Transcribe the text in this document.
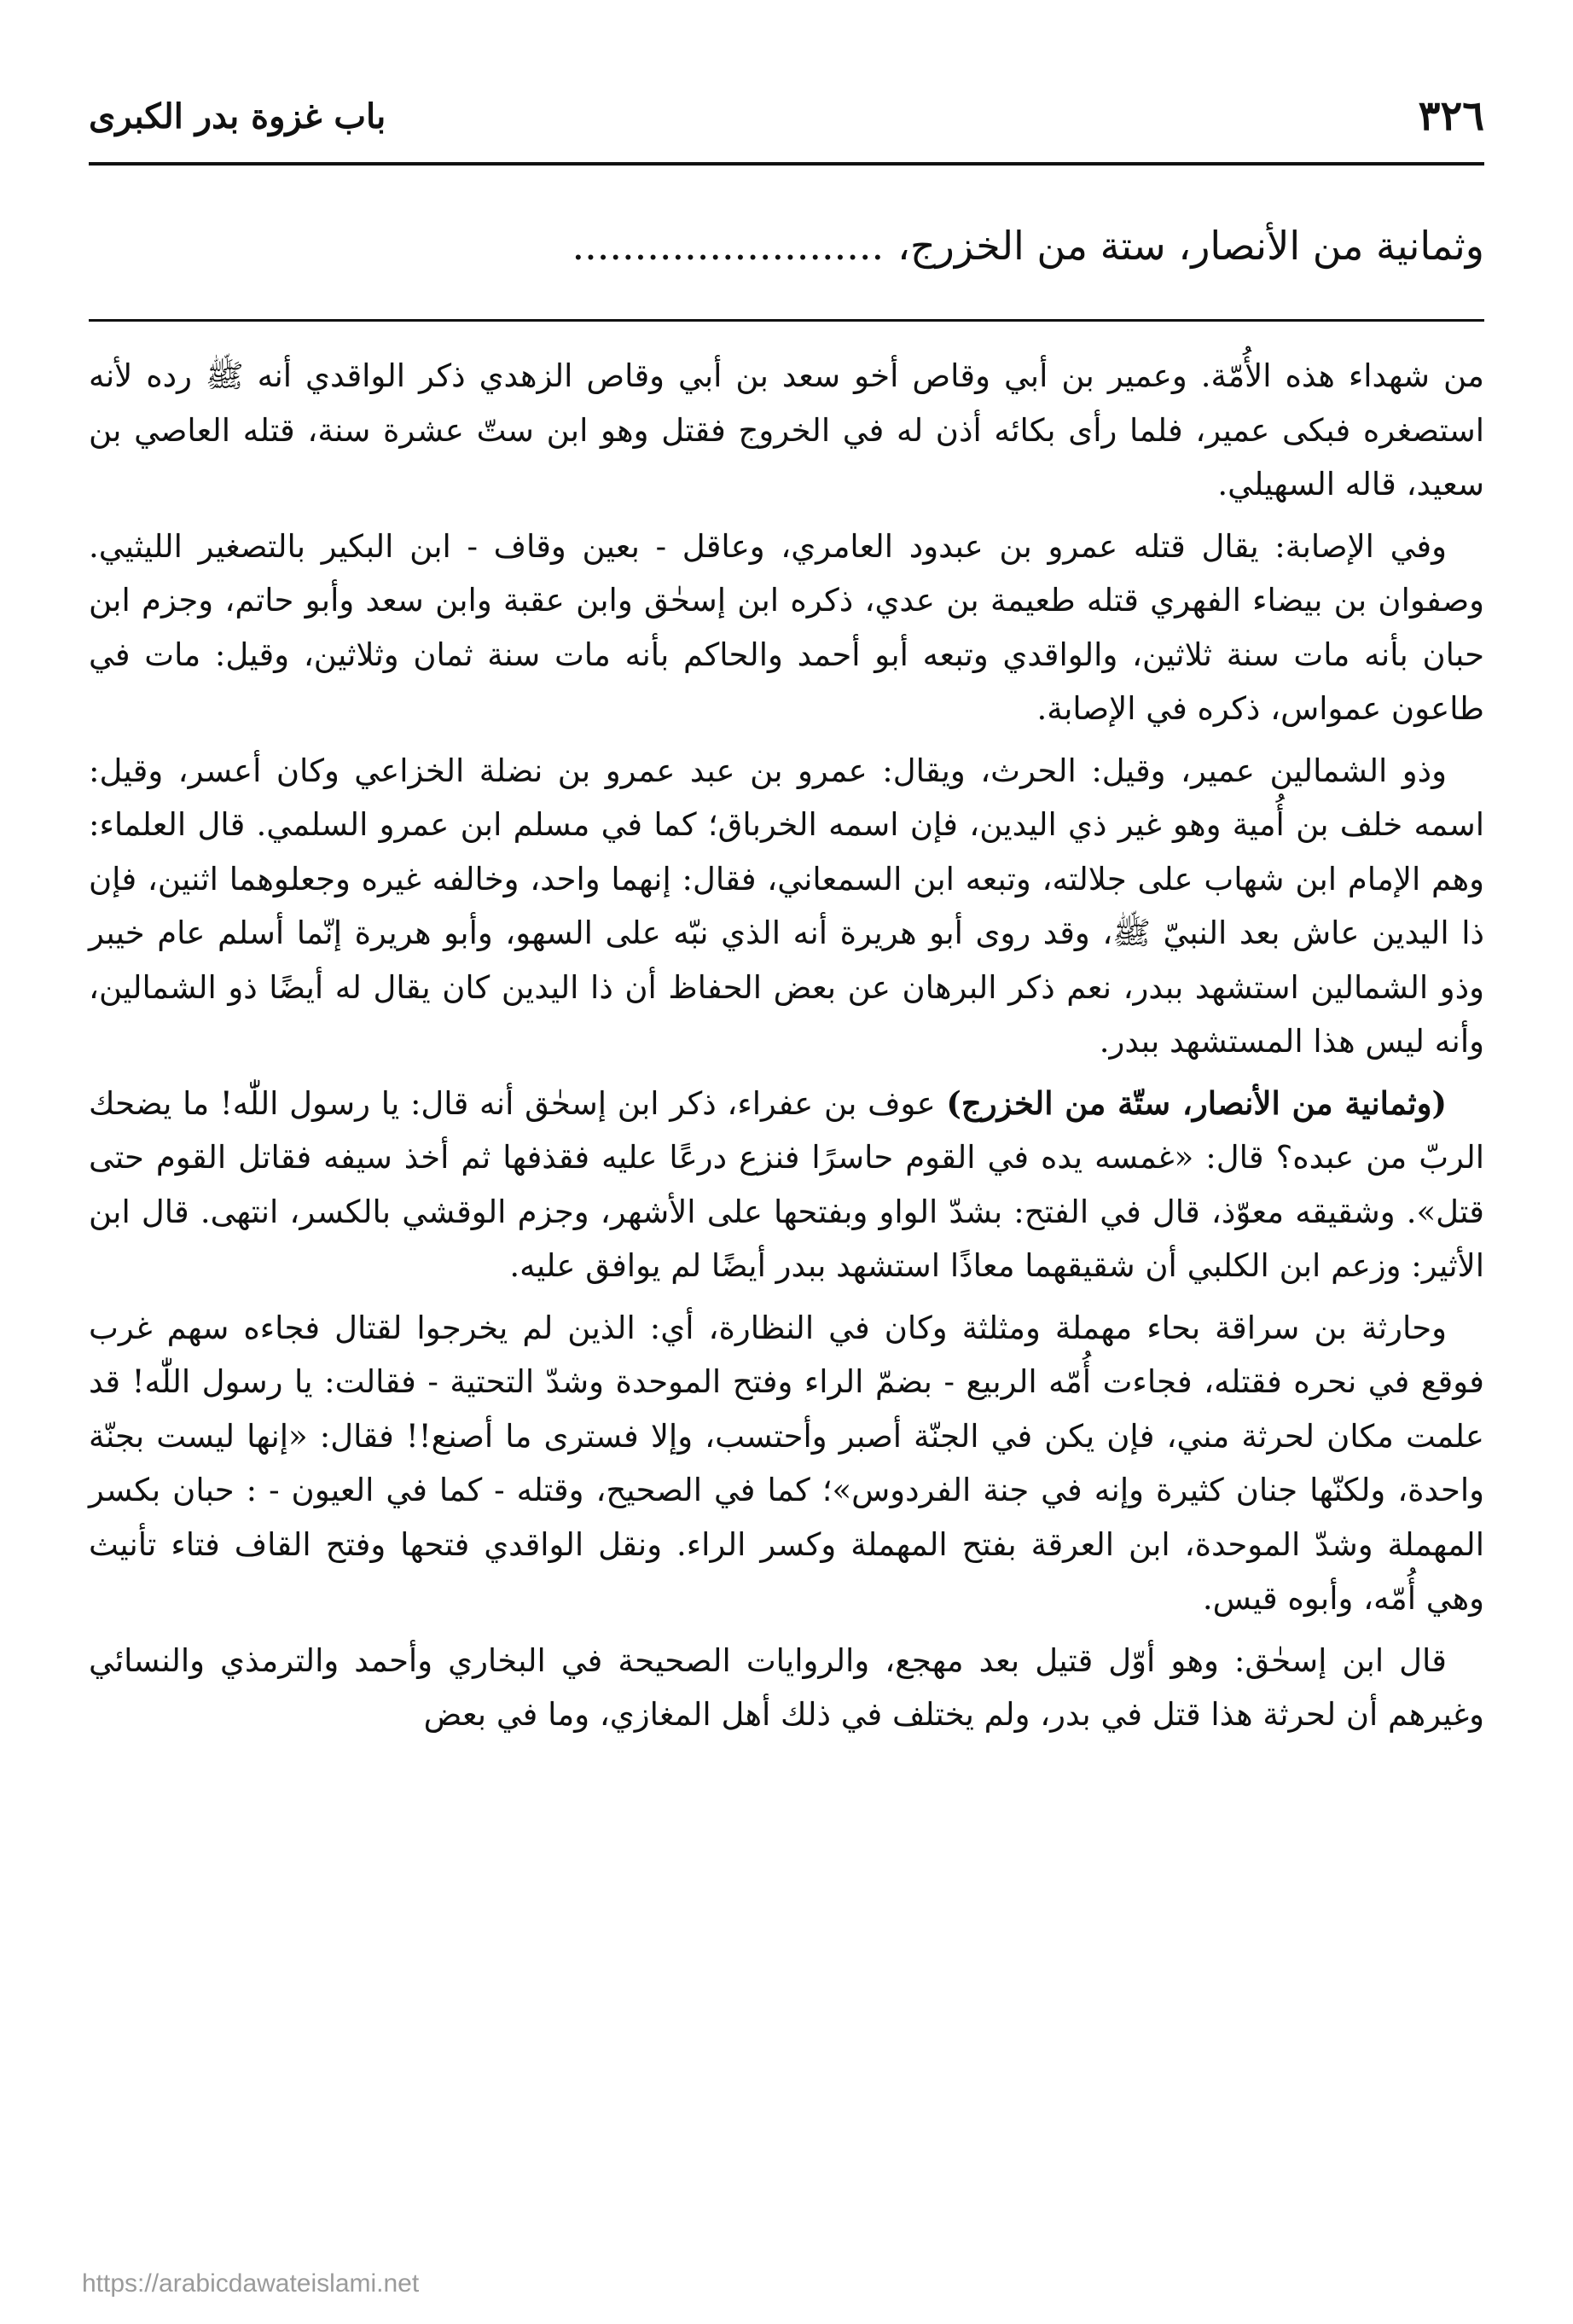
٣٢٦
باب غزوة بدر الكبرى
وثمانية من الأنصار، ستة من الخزرج،.........................

من شهداء هذه الأُمّة. وعمير بن أبي وقاص أخو سعد بن أبي وقاص الزهدي ذكر الواقدي أنه ﷺ رده لأنه استصغره فبكى عمير، فلما رأى بكائه أذن له في الخروج فقتل وهو ابن ستّ عشرة سنة، قتله العاصي بن سعيد، قاله السهيلي.

وفي الإصابة: يقال قتله عمرو بن عبدود العامري، وعاقل - بعين وقاف - ابن البكير بالتصغير الليثيي. وصفوان بن بيضاء الفهري قتله طعيمة بن عدي، ذكره ابن إسحٰق وابن عقبة وابن سعد وأبو حاتم، وجزم ابن حبان بأنه مات سنة ثلاثين، والواقدي وتبعه أبو أحمد والحاكم بأنه مات سنة ثمان وثلاثين، وقيل: مات في طاعون عمواس، ذكره في الإصابة.

وذو الشمالين عمير، وقيل: الحرث، ويقال: عمرو بن عبد عمرو بن نضلة الخزاعي وكان أعسر، وقيل: اسمه خلف بن أُمية وهو غير ذي اليدين، فإن اسمه الخرباق؛ كما في مسلم ابن عمرو السلمي. قال العلماء: وهم الإمام ابن شهاب على جلالته، وتبعه ابن السمعاني، فقال: إنهما واحد، وخالفه غيره وجعلوهما اثنين، فإن ذا اليدين عاش بعد النبيّ ﷺ، وقد روى أبو هريرة أنه الذي نبّه على السهو، وأبو هريرة إنّما أسلم عام خيبر وذو الشمالين استشهد ببدر، نعم ذكر البرهان عن بعض الحفاظ أن ذا اليدين كان يقال له أيضًا ذو الشمالين، وأنه ليس هذا المستشهد ببدر.

(وثمانية من الأنصار، ستّة من الخزرج) عوف بن عفراء، ذكر ابن إسحٰق أنه قال: يا رسول اللّٰه! ما يضحك الربّ من عبده؟ قال: «غمسه يده في القوم حاسرًا فنزع درعًا عليه فقذفها ثم أخذ سيفه فقاتل القوم حتى قتل». وشقيقه معوّذ، قال في الفتح: بشدّ الواو وبفتحها على الأشهر، وجزم الوقشي بالكسر، انتهى. قال ابن الأثير: وزعم ابن الكلبي أن شقيقهما معاذًا استشهد ببدر أيضًا لم يوافق عليه.

وحارثة بن سراقة بحاء مهملة ومثلثة وكان في النظارة، أي: الذين لم يخرجوا لقتال فجاءه سهم غرب فوقع في نحره فقتله، فجاءت أُمّه الربيع - بضمّ الراء وفتح الموحدة وشدّ التحتية - فقالت: يا رسول اللّٰه! قد علمت مكان لحرثة مني، فإن يكن في الجنّة أصبر وأحتسب، وإلا فسترى ما أصنع!! فقال: «إنها ليست بجنّة واحدة، ولكنّها جنان كثيرة وإنه في جنة الفردوس»؛ كما في الصحيح، وقتله - كما في العيون - : حبان بكسر المهملة وشدّ الموحدة، ابن العرقة بفتح المهملة وكسر الراء. ونقل الواقدي فتحها وفتح القاف فتاء تأنيث وهي أُمّه، وأبوه قيس.

قال ابن إسحٰق: وهو أوّل قتيل بعد مهجع، والروايات الصحيحة في البخاري وأحمد والترمذي والنسائي وغيرهم أن لحرثة هذا قتل في بدر، ولم يختلف في ذلك أهل المغازي، وما في بعض

https://arabicdawateislami.net
